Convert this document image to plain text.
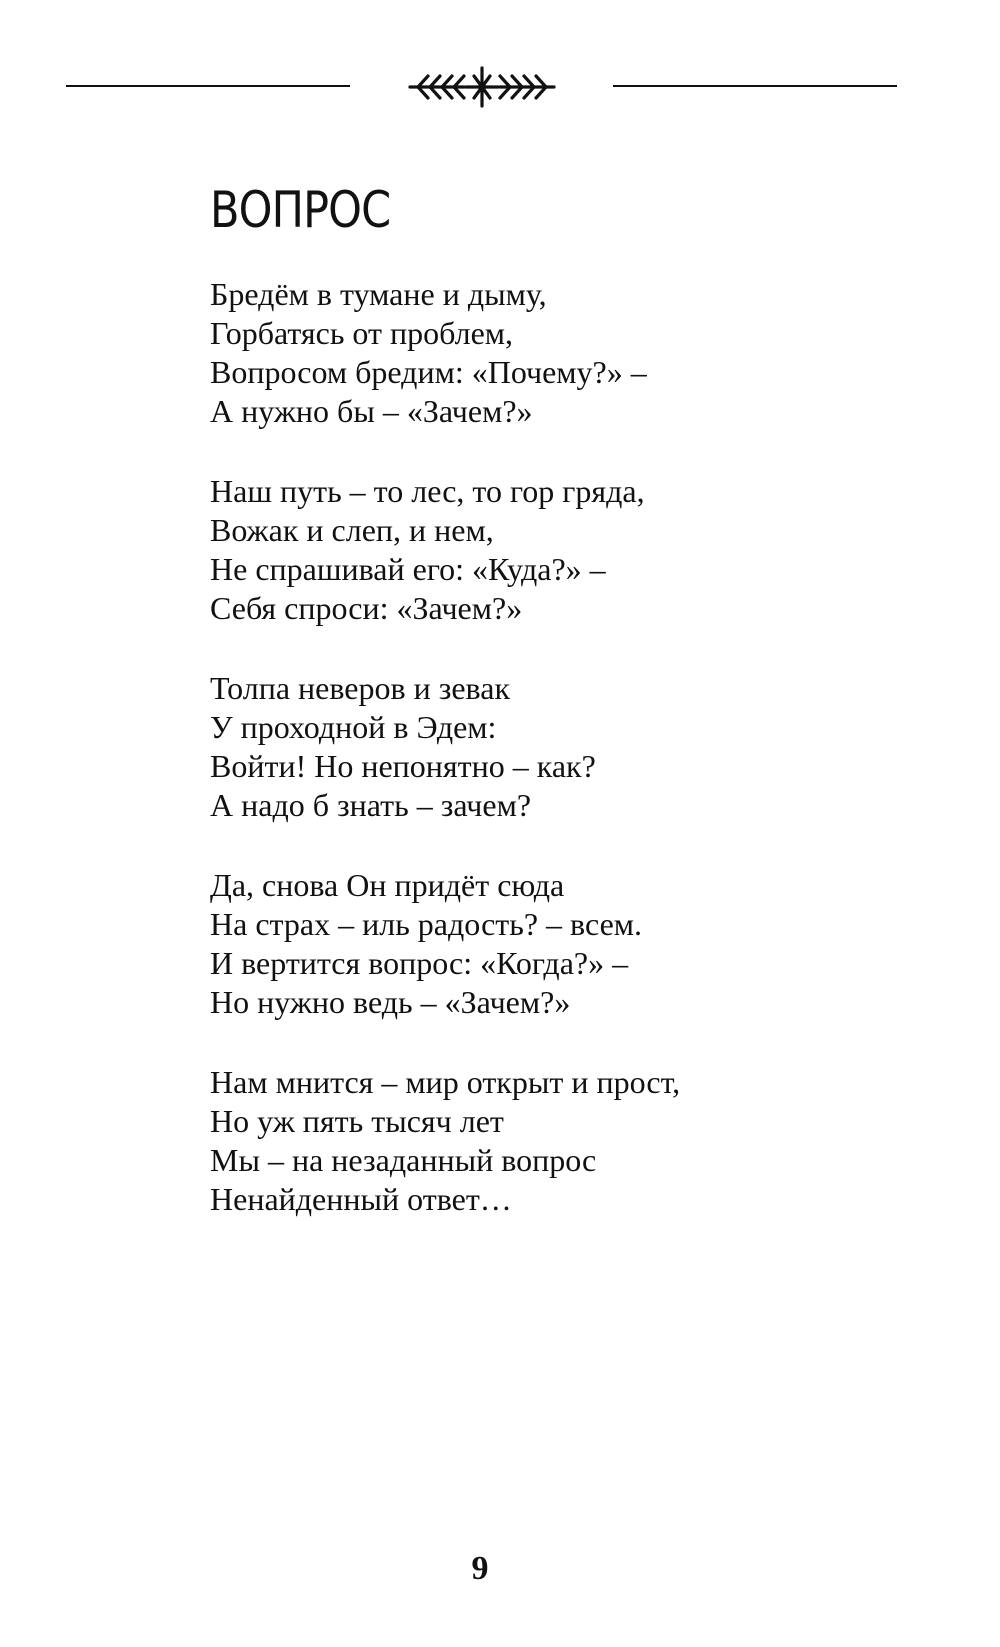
ВОПРОС
Бредём в тумане и дыму,
Горбатясь от проблем,
Вопросом бредим: «Почему?» –
А нужно бы – «Зачем?»
Наш путь – то лес, то гор гряда,
Вожак и слеп, и нем,
Не спрашивай его: «Куда?» –
Себя спроси: «Зачем?»
Толпа неверов и зевак
У проходной в Эдем:
Войти! Но непонятно – как?
А надо б знать – зачем?
Да, снова Он придёт сюда
На страх – иль радость? – всем.
И вертится вопрос: «Когда?» –
Но нужно ведь – «Зачем?»
Нам мнится – мир открыт и прост,
Но уж пять тысяч лет
Мы – на незаданный вопрос
Ненайденный ответ…
9
